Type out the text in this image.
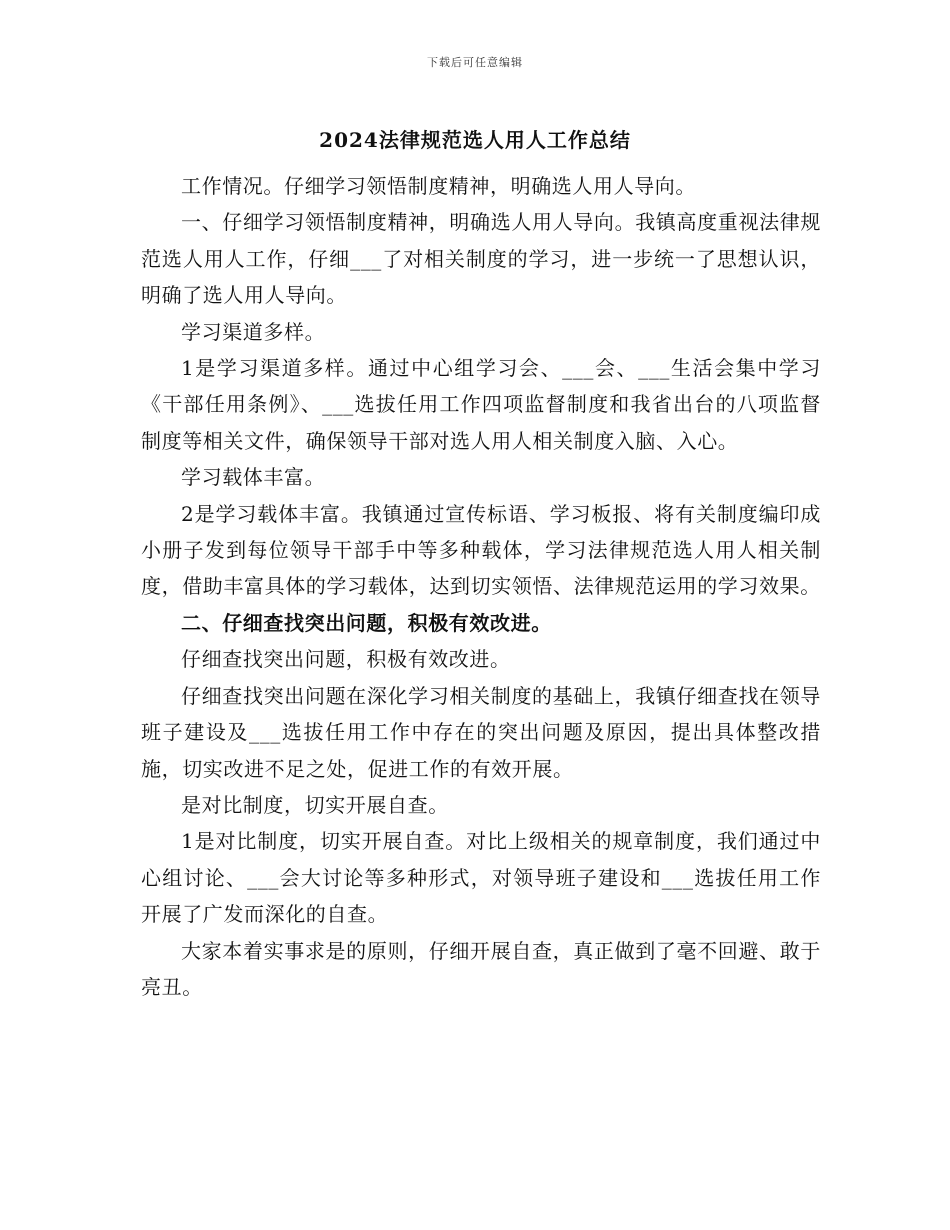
下载后可任意编辑
2024法律规范选人用人工作总结

工作情况。仔细学习领悟制度精神，明确选人用人导向。

一、仔细学习领悟制度精神，明确选人用人导向。我镇高度重视法律规范选人用人工作，仔细___了对相关制度的学习，进一步统一了思想认识，明确了选人用人导向。

学习渠道多样。

1是学习渠道多样。通过中心组学习会、___会、___生活会集中学习《干部任用条例》、___选拔任用工作四项监督制度和我省出台的八项监督制度等相关文件，确保领导干部对选人用人相关制度入脑、入心。

学习载体丰富。

2是学习载体丰富。我镇通过宣传标语、学习板报、将有关制度编印成小册子发到每位领导干部手中等多种载体，学习法律规范选人用人相关制度，借助丰富具体的学习载体，达到切实领悟、法律规范运用的学习效果。

二、仔细查找突出问题，积极有效改进。

仔细查找突出问题，积极有效改进。

仔细查找突出问题在深化学习相关制度的基础上，我镇仔细查找在领导班子建设及___选拔任用工作中存在的突出问题及原因，提出具体整改措施，切实改进不足之处，促进工作的有效开展。

是对比制度，切实开展自查。

1是对比制度，切实开展自查。对比上级相关的规章制度，我们通过中心组讨论、___会大讨论等多种形式，对领导班子建设和___选拔任用工作开展了广发而深化的自查。

大家本着实事求是的原则，仔细开展自查，真正做到了毫不回避、敢于亮丑。
